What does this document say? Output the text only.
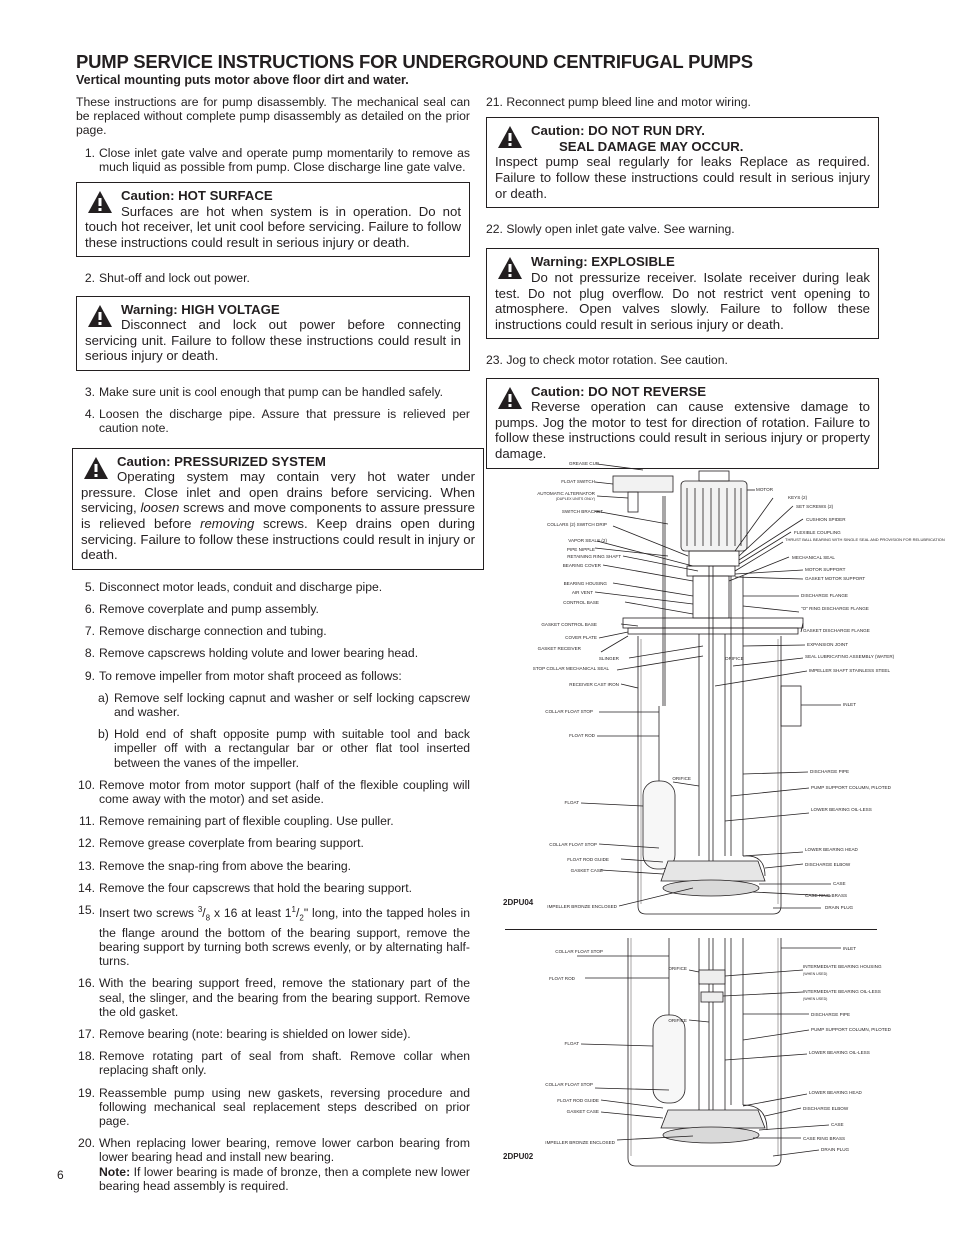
PUMP SERVICE INSTRUCTIONS FOR UNDERGROUND CENTRIFUGAL PUMPS
Vertical mounting puts motor above floor dirt and water.

These instructions are for pump disassembly. The mechanical seal can be replaced without complete pump disassembly as detailed on the prior page.

1. Close inlet gate valve and operate pump momentarily to remove as much liquid as possible from pump. Close discharge line gate valve.
Caution: HOT SURFACE
Surfaces are hot when system is in operation. Do not touch hot receiver, let unit cool before servicing. Failure to follow these instructions could result in serious injury or death.
2. Shut-off and lock out power.
Warning: HIGH VOLTAGE
Disconnect and lock out power before connecting servicing unit. Failure to follow these instructions could result in serious injury or death.
3. Make sure unit is cool enough that pump can be handled safely.
4. Loosen the discharge pipe. Assure that pressure is relieved per caution note.
Caution: PRESSURIZED SYSTEM
Operating system may contain very hot water under pressure. Close inlet and open drains before servicing. When servicing, loosen screws and move components to assure pressure is relieved before removing screws. Keep drains open during servicing. Failure to follow these instructions could result in injury or death.
5. Disconnect motor leads, conduit and discharge pipe.
6. Remove coverplate and pump assembly.
7. Remove discharge connection and tubing.
8. Remove capscrews holding volute and lower bearing head.
9. To remove impeller from motor shaft proceed as follows:
a) Remove self locking capnut and washer or self locking capscrew and washer.
b) Hold end of shaft opposite pump with suitable tool and back impeller off with a rectangular bar or other flat tool inserted between the vanes of the impeller.
10. Remove motor from motor support (half of the flexible coupling will come away with the motor) and set aside.
11. Remove remaining part of flexible coupling. Use puller.
12. Remove grease coverplate from bearing support.
13. Remove the snap-ring from above the bearing.
14. Remove the four capscrews that hold the bearing support.
15. Insert two screws $^3/_8$ x 16 at least $1^1/_2$" long, into the tapped holes in the flange around the bottom of the bearing support, remove the bearing support by turning both screws evenly, or by alternating half-turns.
16. With the bearing support freed, remove the stationary part of the seal, the slinger, and the bearing from the bearing support. Remove the old gasket.
17. Remove bearing (note: bearing is shielded on lower side).
18. Remove rotating part of seal from shaft. Remove collar when replacing shaft only.
19. Reassemble pump using new gaskets, reversing procedure and following mechanical seal replacement steps described on prior page.
20. When replacing lower bearing, remove lower carbon bearing from lower bearing head and install new bearing.
Note: If lower bearing is made of bronze, then a complete new lower bearing head assembly is required.
21. Reconnect pump bleed line and motor wiring.
Caution: DO NOT RUN DRY.

SEAL DAMAGE MAY OCCUR.
Inspect pump seal regularly for leaks Replace as required. Failure to follow these instructions could result in serious injury or death.
22. Slowly open inlet gate valve. See warning.
Warning: EXPLOSIBLE
Do not pressurize receiver. Isolate receiver during leak test. Do not plug overflow. Do not restrict vent opening to atmosphere. Open valves slowly. Failure to follow these instructions could result in serious injury or death.
23. Jog to check motor rotation. See caution.
Caution: DO NOT REVERSE
Reverse operation can cause extensive damage to pumps. Jog the motor to test for direction of rotation. Failure to follow these instructions could result in serious injury or property damage.
GREASE CUP
FLOAT SWITCH
AUTOMATIC ALTERNATOR
(DUPLEX UNITS ONLY)
SWITCH BRACKET
COLLARS (2) SWITCH DRIP
VAPOR SEALS (2)
PIPE NIPPLE
RETAINING RING SHAFT
BEARING COVER
BEARING HOUSING
AIR VENT
CONTROL BASE
GASKET CONTROL BASE
COVER PLATE
GASKET RECEIVER
SLINGER
STOP COLLAR MECHANICAL SEAL
RECEIVER CAST IRON
COLLAR FLOAT STOP
FLOAT ROD
ORIFICE
FLOAT
COLLAR FLOAT STOP
FLOAT ROD GUIDE
GASKET CASE
IMPELLER BRONZE ENCLOSED
MOTOR
KEYS (2)
SET SCREWS (2)
CUSHION SPIDER
FLEXIBLE COUPLING
THRUST BALL BEARING WITH SINGLE SEAL AND PROVISION FOR RELUBRICATION
MECHANICAL SEAL
MOTOR SUPPORT
GASKET MOTOR SUPPORT
DISCHARGE FLANGE
"O" RING DISCHARGE FLANGE
GASKET DISCHARGE FLANGE
EXPANSION JOINT
ORIFICE	SEAL LUBRICATING ASSEMBLY (WATER)
IMPELLER SHAFT STAINLESS STEEL
INLET
DISCHARGE PIPE
PUMP SUPPORT COLUMN, PILOTED
LOWER BEARING OIL-LESS
LOWER BEARING HEAD
DISCHARGE ELBOW
CASE
CASE RING BRASS
DRAIN PLUG
2DPU04
COLLAR FLOAT STOP
FLOAT ROD
ORIFICE
ORIFICE
FLOAT
COLLAR FLOAT STOP
FLOAT ROD GUIDE
GASKET CASE
IMPELLER BRONZE ENCLOSED
INLET
INTERMEDIATE BEARING HOUSING
(WHEN USED)
INTERMEDIATE BEARING OIL-LESS
(WHEN USED)
DISCHARGE PIPE
PUMP SUPPORT COLUMN, PILOTED
LOWER BEARING OIL-LESS
LOWER BEARING HEAD
DISCHARGE ELBOW
CASE
CASE RING BRASS
DRAIN PLUG
2DPU02
6
